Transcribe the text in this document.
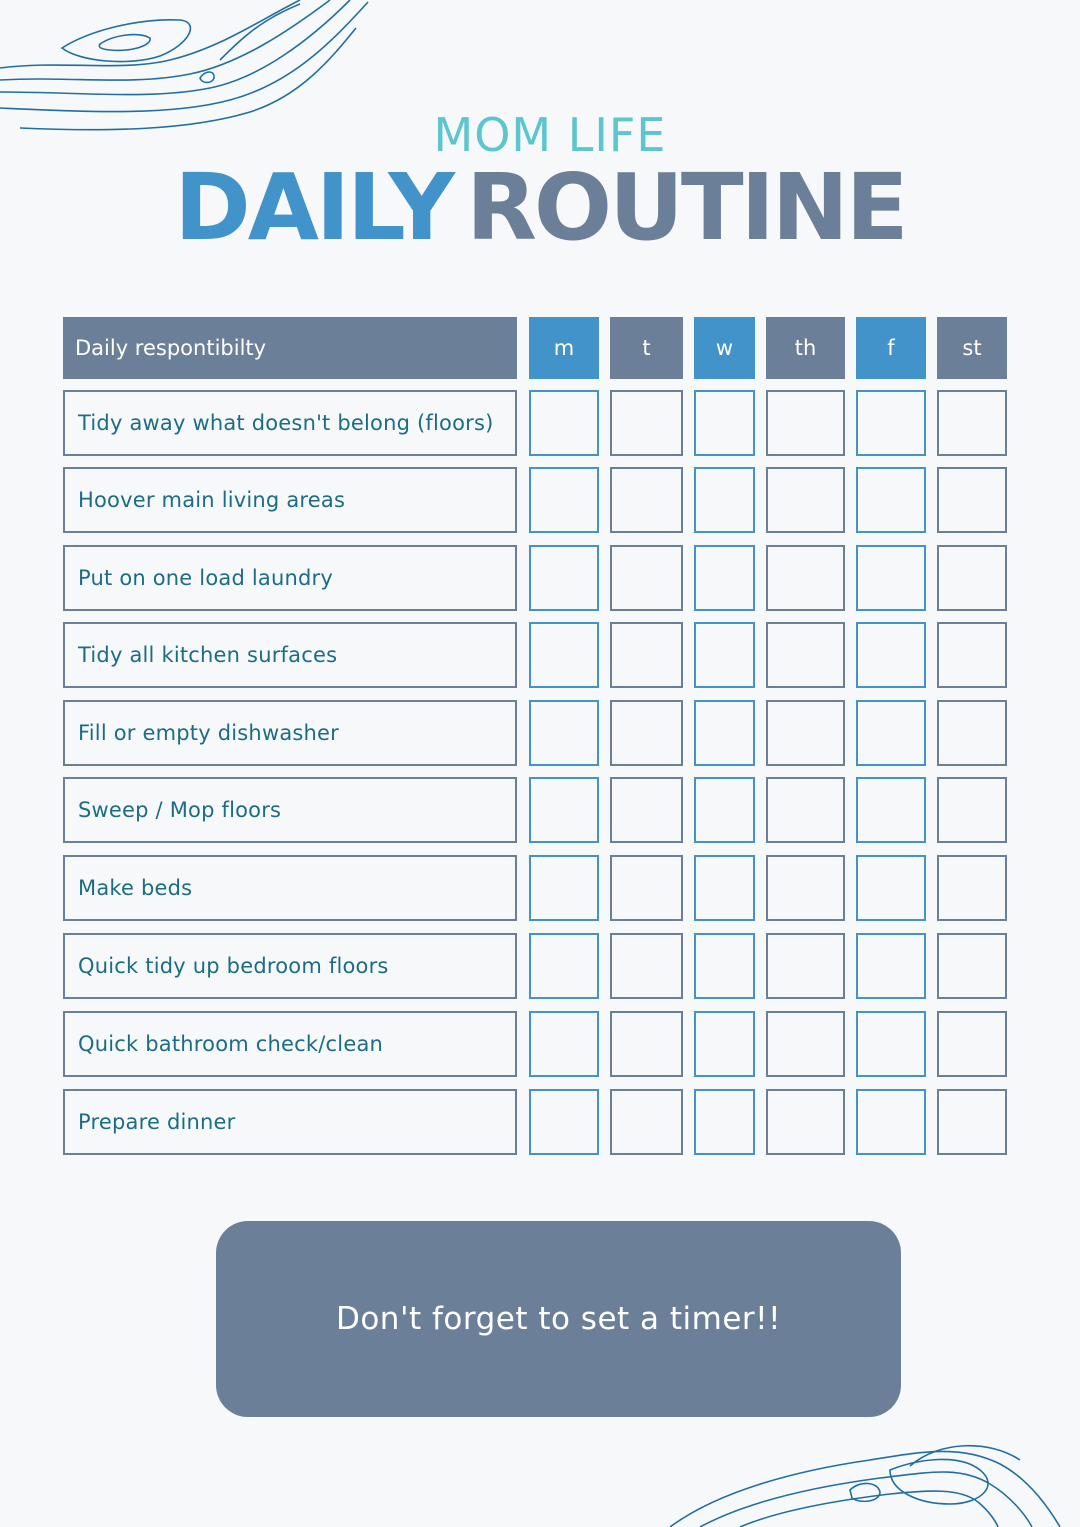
MOM LIFE
DAILY ROUTINE
Daily respontibilty	m	t	w	th	f	st
Tidy away what doesn't belong (floors)
Hoover main living areas
Put on one load laundry
Tidy all kitchen surfaces
Fill or empty dishwasher
Sweep / Mop floors
Make beds
Quick tidy up bedroom floors
Quick bathroom check/clean
Prepare dinner
Don't forget to set a timer!!
